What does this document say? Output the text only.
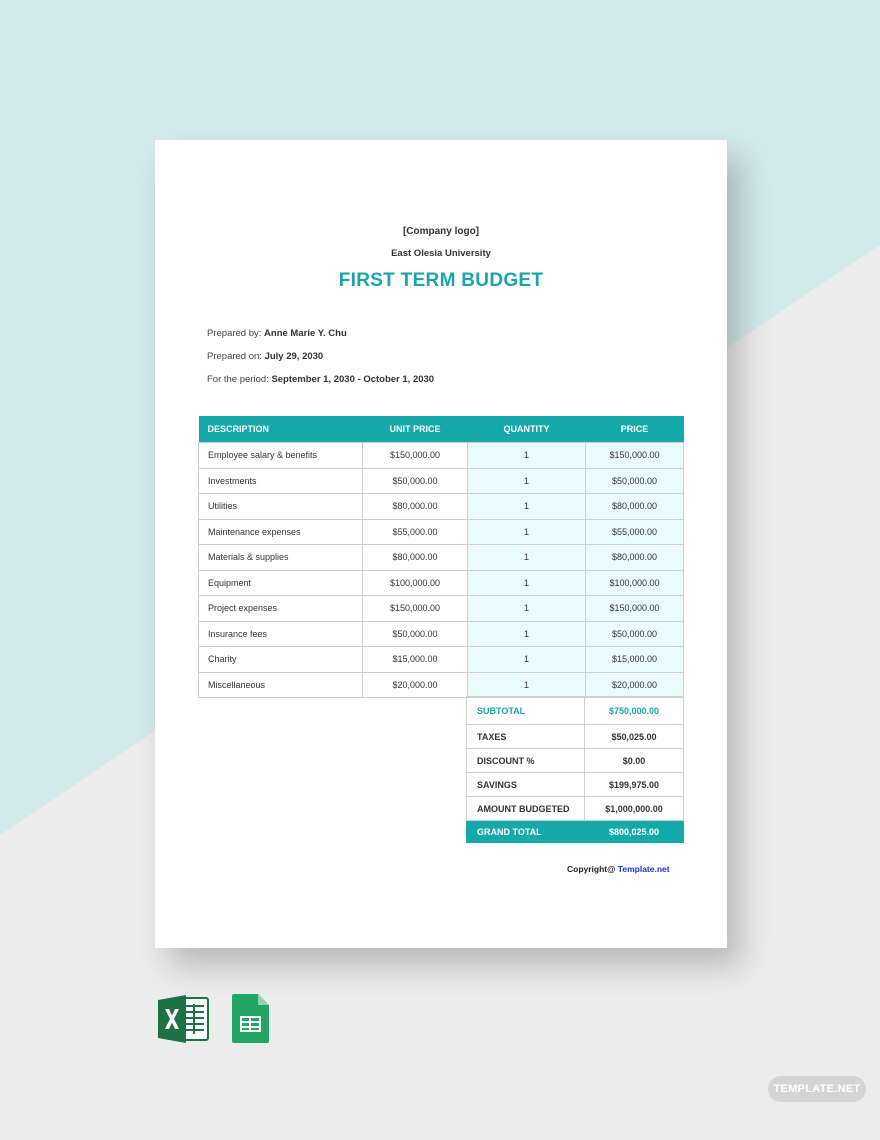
[Company logo]
East Olesia University
FIRST TERM BUDGET
Prepared by: Anne Marie Y. Chu
Prepared on: July 29, 2030
For the period: September 1, 2030 - October 1, 2030
DESCRIPTION	UNIT PRICE	QUANTITY	PRICE
Employee salary & benefits	$150,000.00	1	$150,000.00
Investments	$50,000.00	1	$50,000.00
Utilities	$80,000.00	1	$80,000.00
Maintenance expenses	$55,000.00	1	$55,000.00
Materials & supplies	$80,000.00	1	$80,000.00
Equipment	$100,000.00	1	$100,000.00
Project expenses	$150,000.00	1	$150,000.00
Insurance fees	$50,000.00	1	$50,000.00
Charity	$15,000.00	1	$15,000.00
Miscellaneous	$20,000.00	1	$20,000.00
SUBTOTAL	$750,000.00
TAXES	$50,025.00
DISCOUNT %	$0.00
SAVINGS	$199,975.00
AMOUNT BUDGETED	$1,000,000.00
GRAND TOTAL	$800,025.00
Copyright@ Template.net
TEMPLATE.NET
